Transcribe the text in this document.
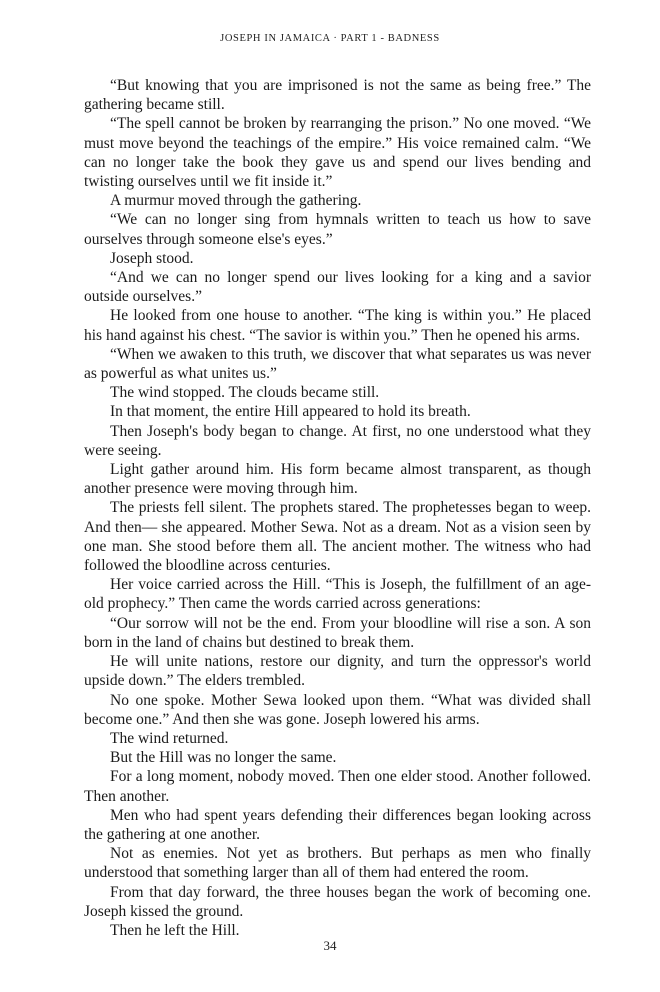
JOSEPH IN JAMAICA · PART 1 - BADNESS

“But knowing that you are imprisoned is not the same as being free.” The gathering became still.

“The spell cannot be broken by rearranging the prison.” No one moved. “We must move beyond the teachings of the empire.” His voice remained calm. “We can no longer take the book they gave us and spend our lives bending and twisting ourselves until we fit inside it.”

A murmur moved through the gathering.

“We can no longer sing from hymnals written to teach us how to save ourselves through someone else's eyes.”

Joseph stood.

“And we can no longer spend our lives looking for a king and a savior outside ourselves.”

He looked from one house to another. “The king is within you.” He placed his hand against his chest. “The savior is within you.” Then he opened his arms.

“When we awaken to this truth, we discover that what separates us was never as powerful as what unites us.”

The wind stopped. The clouds became still.

In that moment, the entire Hill appeared to hold its breath.

Then Joseph's body began to change. At first, no one understood what they were seeing.

Light gather around him. His form became almost transparent, as though another presence were moving through him.

The priests fell silent. The prophets stared. The prophetesses began to weep. And then— she appeared. Mother Sewa. Not as a dream. Not as a vision seen by one man. She stood before them all. The ancient mother. The witness who had followed the bloodline across centuries.

Her voice carried across the Hill. “This is Joseph, the fulfillment of an age-old prophecy.” Then came the words carried across generations:

“Our sorrow will not be the end. From your bloodline will rise a son. A son born in the land of chains but destined to break them.

He will unite nations, restore our dignity, and turn the oppressor's world upside down.” The elders trembled.

No one spoke. Mother Sewa looked upon them. “What was divided shall become one.” And then she was gone. Joseph lowered his arms.

The wind returned.

But the Hill was no longer the same.

For a long moment, nobody moved. Then one elder stood. Another followed. Then another.

Men who had spent years defending their differences began looking across the gathering at one another.

Not as enemies. Not yet as brothers. But perhaps as men who finally understood that something larger than all of them had entered the room.

From that day forward, the three houses began the work of becoming one. Joseph kissed the ground.

Then he left the Hill.

34
